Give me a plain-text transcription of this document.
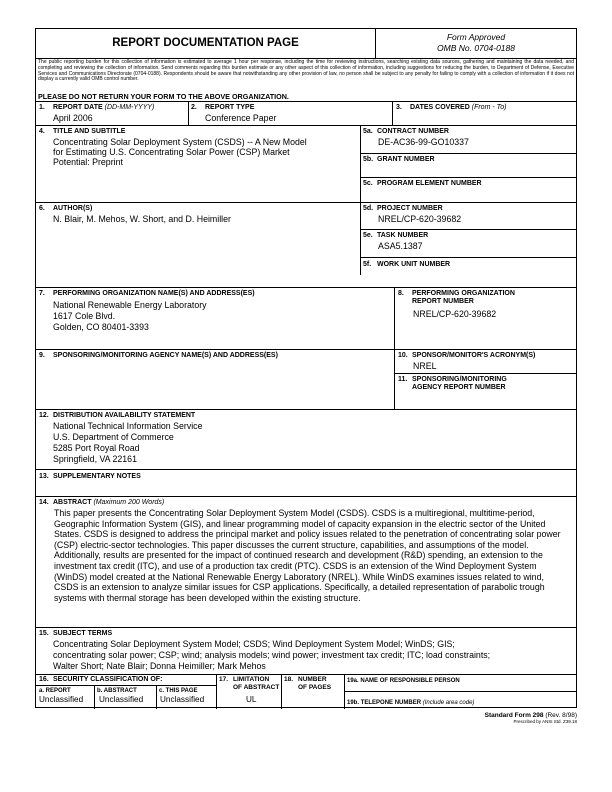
REPORT DOCUMENTATION PAGE	Form Approved
OMB No. 0704-0188
The public reporting burden for this collection of information is estimated to average 1 hour per response, including the time for reviewing instructions, searching existing data sources, gathering and maintaining the data needed, and completing and reviewing the collection of information. Send comments regarding this burden estimate or any other aspect of this collection of information, including suggestions for reducing the burden, to Department of Defense, Executive Services and Communications Directorate (0704-0188). Respondents should be aware that notwithstanding any other provision of law, no person shall be subject to any penalty for failing to comply with a collection of information if it does not display a currently valid OMB control number.
PLEASE DO NOT RETURN YOUR FORM TO THE ABOVE ORGANIZATION.
1. REPORT DATE (DD-MM-YYYY)
April 2006
2. REPORT TYPE
Conference Paper
3. DATES COVERED (From - To)
4. TITLE AND SUBTITLE
Concentrating Solar Deployment System (CSDS) -- A New Model
for Estimating U.S. Concentrating Solar Power (CSP) Market
Potential: Preprint
5a. CONTRACT NUMBER
DE-AC36-99-GO10337
5b. GRANT NUMBER
5c. PROGRAM ELEMENT NUMBER
6. AUTHOR(S)
N. Blair, M. Mehos, W. Short, and D. Heimiller
5d. PROJECT NUMBER
NREL/CP-620-39682
5e. TASK NUMBER
ASA5.1387
5f. WORK UNIT NUMBER
7. PERFORMING ORGANIZATION NAME(S) AND ADDRESS(ES)
National Renewable Energy Laboratory
1617 Cole Blvd.
Golden, CO 80401-3393
8. PERFORMING ORGANIZATION
REPORT NUMBER
NREL/CP-620-39682
9. SPONSORING/MONITORING AGENCY NAME(S) AND ADDRESS(ES)	10. SPONSOR/MONITOR'S ACRONYM(S)
NREL
11. SPONSORING/MONITORING
AGENCY REPORT NUMBER
12. DISTRIBUTION AVAILABILITY STATEMENT
National Technical Information Service
U.S. Department of Commerce
5285 Port Royal Road
Springfield, VA 22161
13. SUPPLEMENTARY NOTES
14. ABSTRACT (Maximum 200 Words)
This paper presents the Concentrating Solar Deployment System Model (CSDS). CSDS is a multiregional, multitime-period, Geographic Information System (GIS), and linear programming model of capacity expansion in the electric sector of the United States. CSDS is designed to address the principal market and policy issues related to the penetration of concentrating solar power (CSP) electric-sector technologies. This paper discusses the current structure, capabilities, and assumptions of the model. Additionally, results are presented for the impact of continued research and development (R&D) spending, an extension to the investment tax credit (ITC), and use of a production tax credit (PTC). CSDS is an extension of the Wind Deployment System (WinDS) model created at the National Renewable Energy Laboratory (NREL). While WinDS examines issues related to wind, CSDS is an extension to analyze similar issues for CSP applications. Specifically, a detailed representation of parabolic trough systems with thermal storage has been developed within the existing structure.
15. SUBJECT TERMS
Concentrating Solar Deployment System Model; CSDS; Wind Deployment System Model; WinDS; GIS;
concentrating solar power; CSP; wind; analysis models; wind power; investment tax credit; ITC; load constraints;
Walter Short; Nate Blair; Donna Heimiller; Mark Mehos
16. SECURITY CLASSIFICATION OF:
a. REPORT
Unclassified
b. ABSTRACT
Unclassified
c. THIS PAGE
Unclassified
17. LIMITATION
OF ABSTRACT
UL
18. NUMBER
OF PAGES
19a. NAME OF RESPONSIBLE PERSON
19b. TELEPONE NUMBER (Include area code)
Standard Form 298 (Rev. 8/98)
Prescribed by ANSI Std. Z39.18
